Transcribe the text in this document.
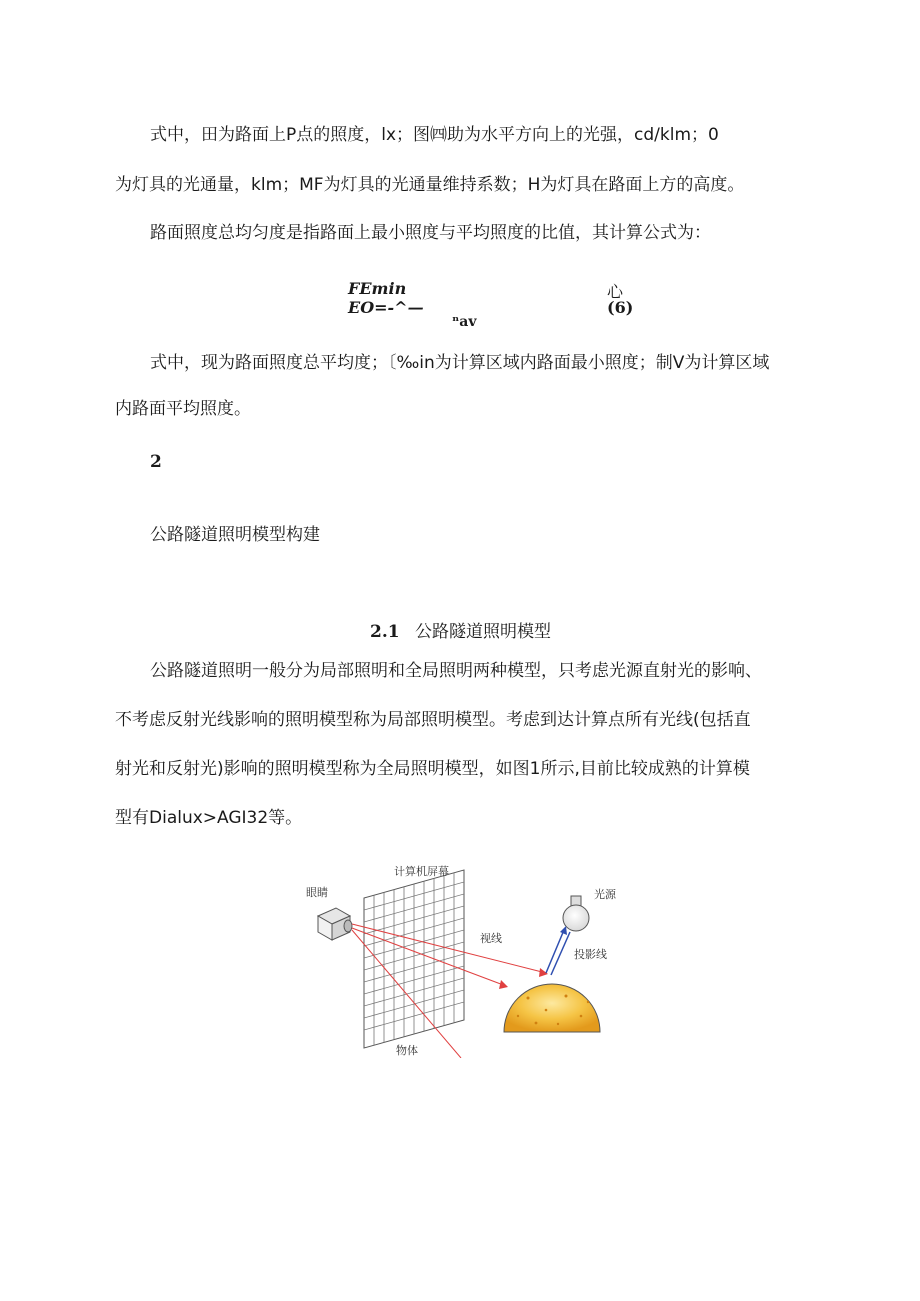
式中，田为路面上P点的照度，lx；图㈣助为水平方向上的光强，cd/klm；0
为灯具的光通量，klm；MF为灯具的光通量维持系数；H为灯具在路面上方的高度。
路面照度总均匀度是指路面上最小照度与平均照度的比值，其计算公式为：
FEmin
EO=-^—
ⁿav
心
(6)
式中，现为路面照度总平均度；〔‰in为计算区域内路面最小照度；制V为计算区域
内路面平均照度。
2
公路隧道照明模型构建
2.1 公路隧道照明模型
公路隧道照明一般分为局部照明和全局照明两种模型，只考虑光源直射光的影响、
不考虑反射光线影响的照明模型称为局部照明模型。考虑到达计算点所有光线(包括直
射光和反射光)影响的照明模型称为全局照明模型，如图1所示,目前比较成熟的计算模
型有Dialux>AGI32等。
眼睛
计算机屏幕
光源
视线
投影线
物体
